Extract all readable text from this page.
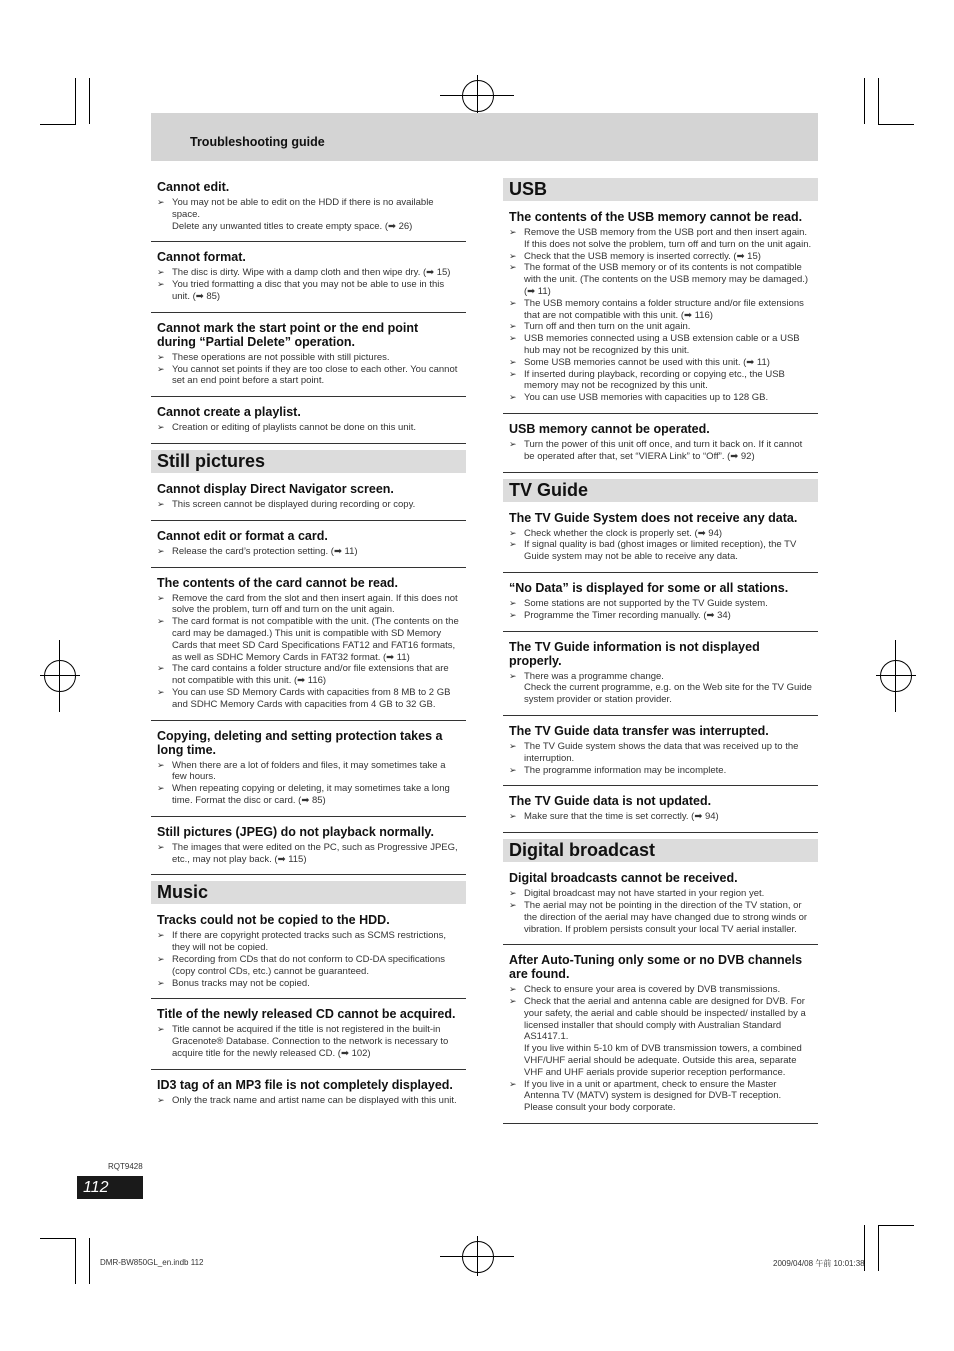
Troubleshooting guide
Cannot edit.
➢ You may not be able to edit on the HDD if there is no available space.
Delete any unwanted titles to create empty space. (➡ 26)
Cannot format.
➢ The disc is dirty. Wipe with a damp cloth and then wipe dry. (➡ 15)
➢ You tried formatting a disc that you may not be able to use in this unit. (➡ 85)
Cannot mark the start point or the end point during “Partial Delete” operation.
➢ These operations are not possible with still pictures.
➢ You cannot set points if they are too close to each other. You cannot set an end point before a start point.
Cannot create a playlist.
➢ Creation or editing of playlists cannot be done on this unit.
Still pictures
Cannot display Direct Navigator screen.
➢ This screen cannot be displayed during recording or copy.
Cannot edit or format a card.
➢ Release the card’s protection setting. (➡ 11)
The contents of the card cannot be read.
➢ Remove the card from the slot and then insert again. If this does not solve the problem, turn off and turn on the unit again.
➢ The card format is not compatible with the unit. (The contents on the card may be damaged.) This unit is compatible with SD Memory Cards that meet SD Card Specifications FAT12 and FAT16 formats, as well as SDHC Memory Cards in FAT32 format. (➡ 11)
➢ The card contains a folder structure and/or file extensions that are not compatible with this unit. (➡ 116)
➢ You can use SD Memory Cards with capacities from 8 MB to 2 GB and SDHC Memory Cards with capacities from 4 GB to 32 GB.
Copying, deleting and setting protection takes a long time.
➢ When there are a lot of folders and files, it may sometimes take a few hours.
➢ When repeating copying or deleting, it may sometimes take a long time. Format the disc or card. (➡ 85)
Still pictures (JPEG) do not playback normally.
➢ The images that were edited on the PC, such as Progressive JPEG, etc., may not play back. (➡ 115)
Music
Tracks could not be copied to the HDD.
➢ If there are copyright protected tracks such as SCMS restrictions, they will not be copied.
➢ Recording from CDs that do not conform to CD-DA specifications (copy control CDs, etc.) cannot be guaranteed.
➢ Bonus tracks may not be copied.
Title of the newly released CD cannot be acquired.
➢ Title cannot be acquired if the title is not registered in the built-in Gracenote® Database. Connection to the network is necessary to acquire title for the newly released CD. (➡ 102)
ID3 tag of an MP3 file is not completely displayed.
➢ Only the track name and artist name can be displayed with this unit.
USB
The contents of the USB memory cannot be read.
➢ Remove the USB memory from the USB port and then insert again. If this does not solve the problem, turn off and turn on the unit again.
➢ Check that the USB memory is inserted correctly. (➡ 15)
➢ The format of the USB memory or of its contents is not compatible with the unit. (The contents on the USB memory may be damaged.) (➡ 11)
➢ The USB memory contains a folder structure and/or file extensions that are not compatible with this unit. (➡ 116)
➢ Turn off and then turn on the unit again.
➢ USB memories connected using a USB extension cable or a USB hub may not be recognized by this unit.
➢ Some USB memories cannot be used with this unit. (➡ 11)
➢ If inserted during playback, recording or copying etc., the USB memory may not be recognized by this unit.
➢ You can use USB memories with capacities up to 128 GB.
USB memory cannot be operated.
➢ Turn the power of this unit off once, and turn it back on. If it cannot be operated after that, set “VIERA Link” to “Off”. (➡ 92)
TV Guide
The TV Guide System does not receive any data.
➢ Check whether the clock is properly set. (➡ 94)
➢ If signal quality is bad (ghost images or limited reception), the TV Guide system may not be able to receive any data.
“No Data” is displayed for some or all stations.
➢ Some stations are not supported by the TV Guide system.
➢ Programme the Timer recording manually. (➡ 34)
The TV Guide information is not displayed properly.
➢ There was a programme change.
Check the current programme, e.g. on the Web site for the TV Guide system provider or station provider.
The TV Guide data transfer was interrupted.
➢ The TV Guide system shows the data that was received up to the interruption.
➢ The programme information may be incomplete.
The TV Guide data is not updated.
➢ Make sure that the time is set correctly. (➡ 94)
Digital broadcast
Digital broadcasts cannot be received.
➢ Digital broadcast may not have started in your region yet.
➢ The aerial may not be pointing in the direction of the TV station, or the direction of the aerial may have changed due to strong winds or vibration. If problem persists consult your local TV aerial installer.
After Auto-Tuning only some or no DVB channels are found.
➢ Check to ensure your area is covered by DVB transmissions.
➢ Check that the aerial and antenna cable are designed for DVB. For your safety, the aerial and cable should be inspected/ installed by a licensed installer that should comply with Australian Standard AS1417.1.
If you live within 5-10 km of DVB transmission towers, a combined VHF/UHF aerial should be adequate. Outside this area, separate VHF and UHF aerials provide superior reception performance.
➢ If you live in a unit or apartment, check to ensure the Master Antenna TV (MATV) system is designed for DVB-T reception. Please consult your body corporate.
RQT9428
112
DMR-BW850GL_en.indb 112	2009/04/08 午前 10:01:38
